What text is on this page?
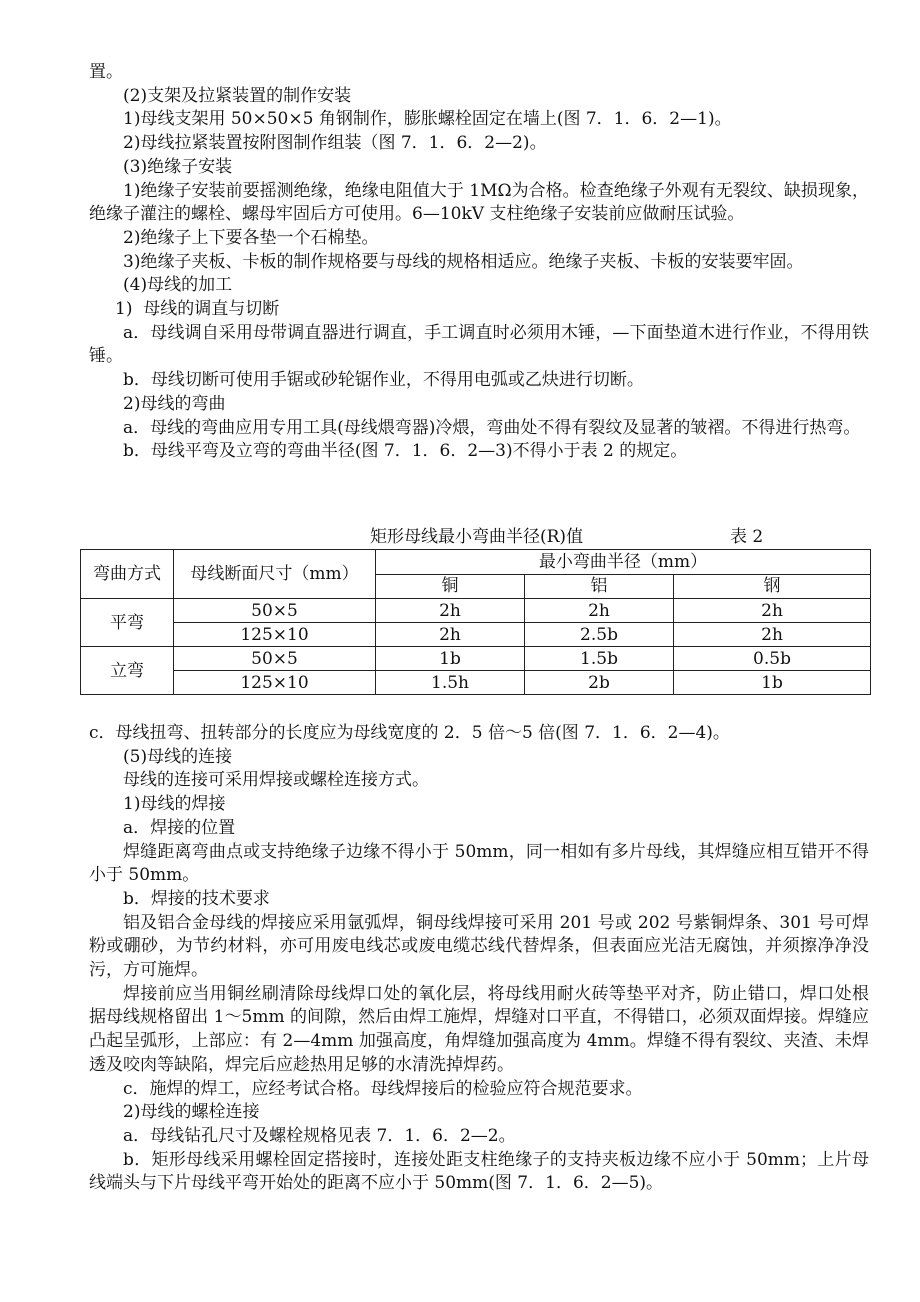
置。

(2)支架及拉紧装置的制作安装

1)母线支架用 50×50×5 角钢制作，膨胀螺栓固定在墙上(图 7．1．6．2—1)。

2)母线拉紧装置按附图制作组装（图 7．1．6．2—2)。

(3)绝缘子安装

1)绝缘子安装前要摇测绝缘，绝缘电阻值大于 1MΩ为合格。检查绝缘子外观有无裂纹、缺损现象，绝缘子灌注的螺栓、螺母牢固后方可使用。6—10kV 支柱绝缘子安装前应做耐压试验。

2)绝缘子上下要各垫一个石棉垫。

3)绝缘子夹板、卡板的制作规格要与母线的规格相适应。绝缘子夹板、卡板的安装要牢固。

(4)母线的加工

1)  母线的调直与切断

a．母线调自采用母带调直器进行调直，手工调直时必须用木锤，—下面垫道木进行作业，不得用铁锤。

b．母线切断可使用手锯或砂轮锯作业，不得用电弧或乙炔进行切断。

2)母线的弯曲

a．母线的弯曲应用专用工具(母线煨弯器)冷煨，弯曲处不得有裂纹及显著的皱褶。不得进行热弯。

b．母线平弯及立弯的弯曲半径(图 7．1．6．2—3)不得小于表 2 的规定。

矩形母线最小弯曲半径(R)值	表 2
弯曲方式	母线断面尺寸（mm）	最小弯曲半径（mm）		
		铜	铝	钢
平弯	50×5	2h	2h	2h
	125×10	2h	2.5b	2h
立弯	50×5	1b	1.5b	0.5b
	125×10	1.5h	2b	1b

c．母线扭弯、扭转部分的长度应为母线宽度的 2．5 倍～5 倍(图 7．1．6．2—4)。

(5)母线的连接

母线的连接可采用焊接或螺栓连接方式。

1)母线的焊接

a．焊接的位置

焊缝距离弯曲点或支持绝缘子边缘不得小于 50mm，同一相如有多片母线，其焊缝应相互错开不得小于 50mm。

b．焊接的技术要求

铝及铝合金母线的焊接应采用氩弧焊，铜母线焊接可采用 201 号或 202 号紫铜焊条、301 号可焊粉或硼砂，为节约材料，亦可用废电线芯或废电缆芯线代替焊条，但表面应光洁无腐蚀，并须擦净净没污，方可施焊。

焊接前应当用铜丝刷清除母线焊口处的氧化层，将母线用耐火砖等垫平对齐，防止错口，焊口处根据母线规格留出 1～5mm 的间隙，然后由焊工施焊，焊缝对口平直，不得错口，必须双面焊接。焊缝应凸起呈弧形，上部应：有 2—4mm 加强高度，角焊缝加强高度为 4mm。焊缝不得有裂纹、夹渣、未焊透及咬肉等缺陷，焊完后应趁热用足够的水清洗掉焊药。

c．施焊的焊工，应经考试合格。母线焊接后的检验应符合规范要求。

2)母线的螺栓连接

a．母线钻孔尺寸及螺栓规格见表 7．1．6．2—2。

b．矩形母线采用螺栓固定搭接时，连接处距支柱绝缘子的支持夹板边缘不应小于 50mm；上片母线端头与下片母线平弯开始处的距离不应小于 50mm(图 7．1．6．2—5)。
